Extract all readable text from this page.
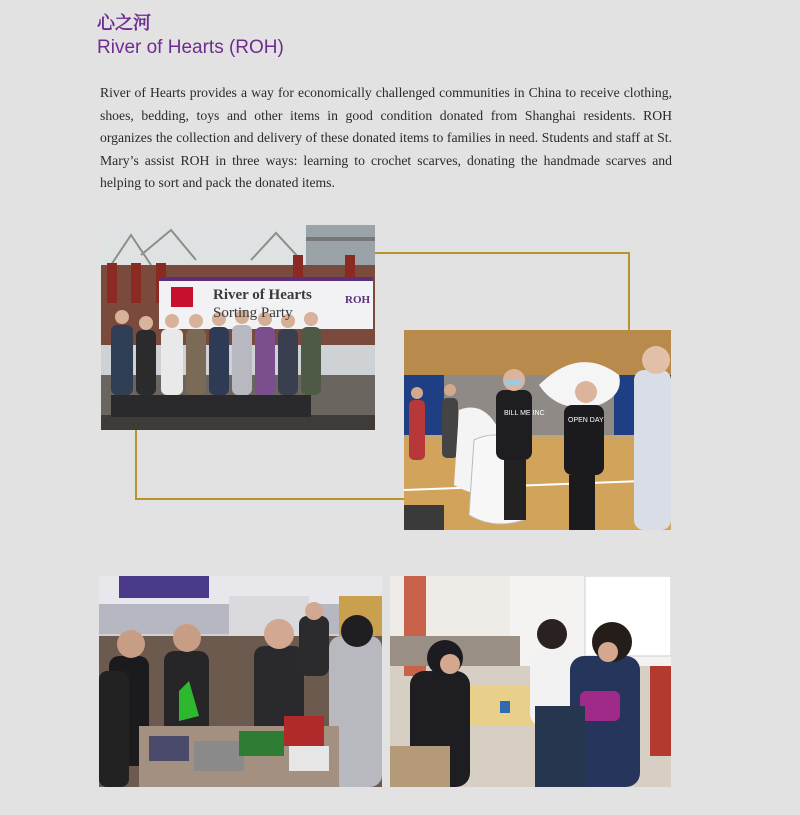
心之河
River of Hearts (ROH)

River of Hearts provides a way for economically challenged communities in China to receive clothing, shoes, bedding, toys and other items in good condition donated from Shanghai residents. ROH organizes the collection and delivery of these donated items to families in need. Students and staff at St. Mary’s assist ROH in three ways: learning to crochet scarves, donating the handmade scarves and helping to sort and pack the donated items.

River of Hearts
Sorting Party
ROH
BILL ME INC
OPEN DAY
